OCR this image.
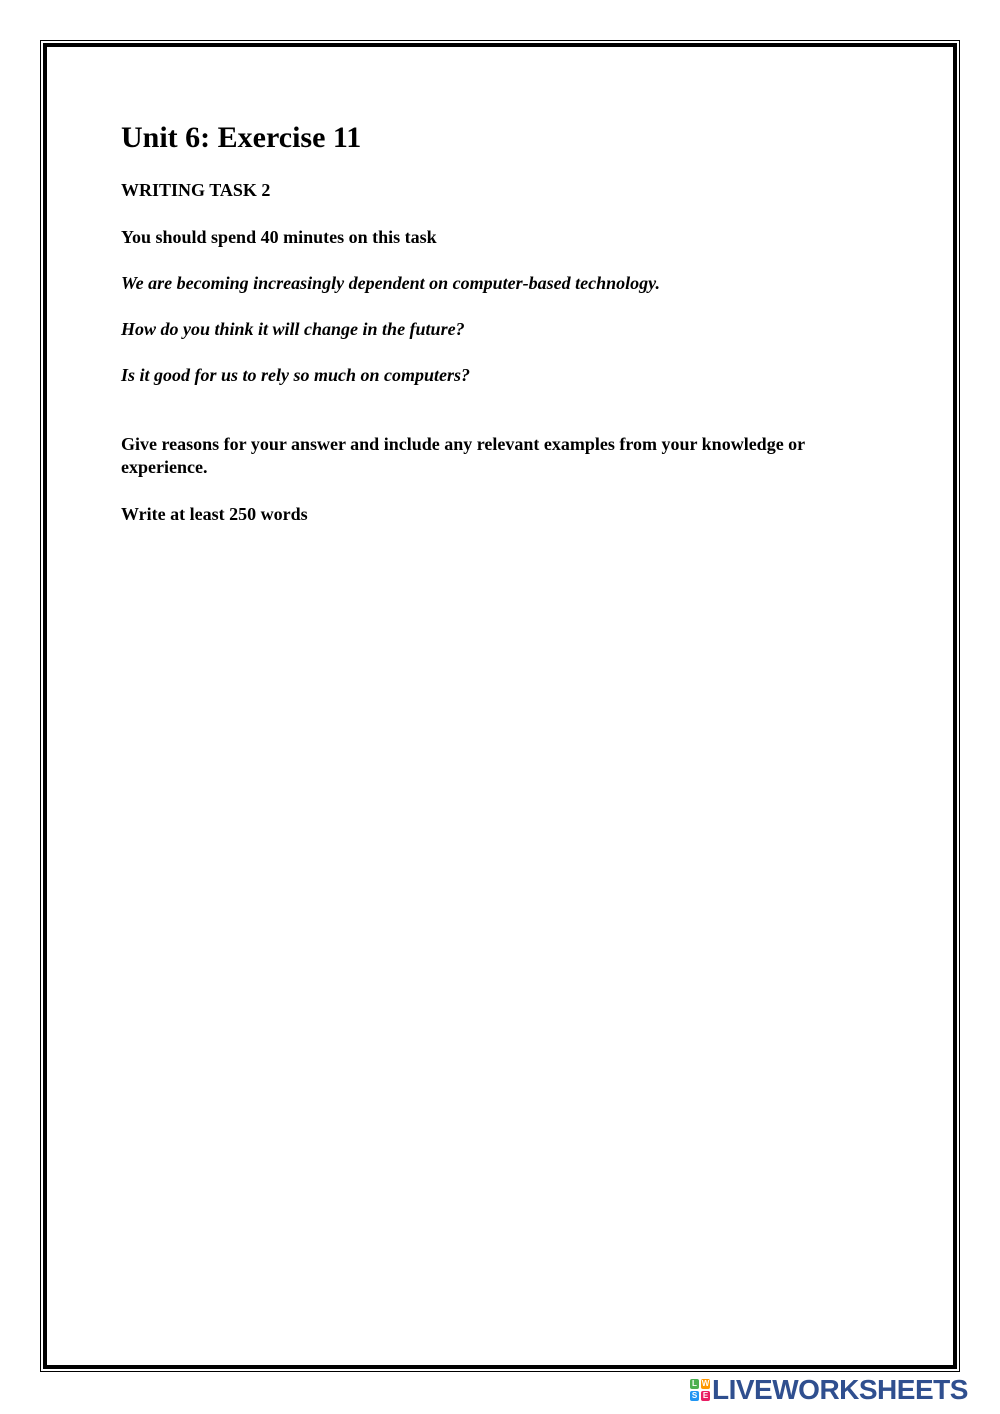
Unit 6: Exercise 11

WRITING TASK 2

You should spend 40 minutes on this task

We are becoming increasingly dependent on computer-based technology.

How do you think it will change in the future?

Is it good for us to rely so much on computers?

Give reasons for your answer and include any relevant examples from your knowledge or experience.

Write at least 250 words

L W
S E LIVEWORKSHEETS
